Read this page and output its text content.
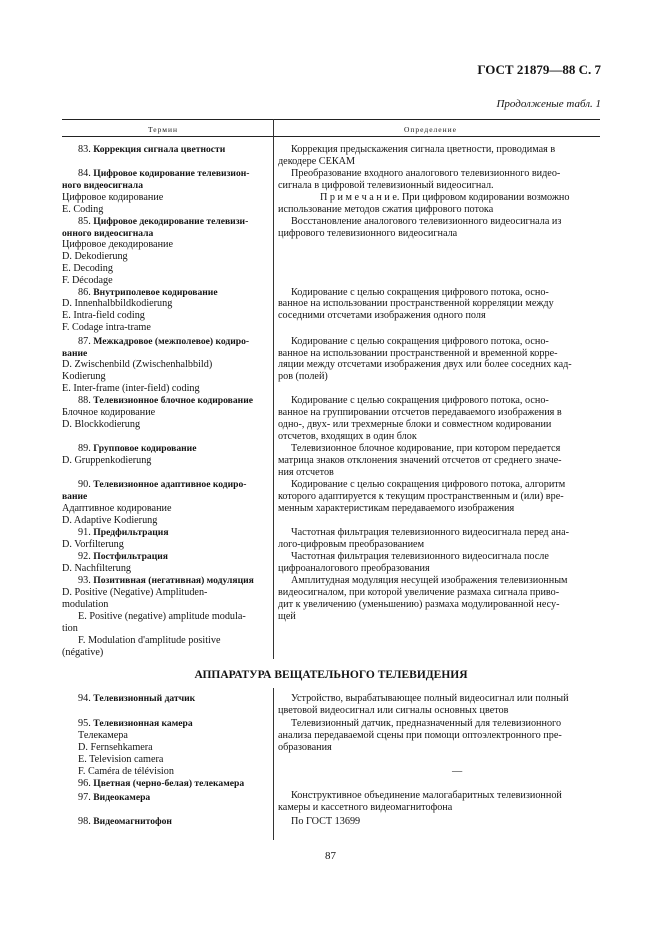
ГОСТ 21879—88 С. 7
Продолженые табл. 1
Термин	Определение
83. Коррекция сигнала цветности
84. Цифровое кодирование телевизион-
ного видеосигнала
Цифровое кодирование
E. Coding
85. Цифровое декодирование телевизи-
онного видеосигнала
Цифровое декодирование
D. Dekodierung
E. Decoding
F. Décodage
86. Внутриполевое кодирование
D. Innenhalbbildkodierung
E. Intra-field coding
F. Codage intra-trame
87. Межкадровое (межполевое) кодиро-
вание
D. Zwischenbild (Zwischenhalbbild)
Kodierung
E. Inter-frame (inter-field) coding
88. Телевизионное блочное кодирование
Блочное кодирование
D. Blockkodierung
89. Групповое кодирование
D. Gruppenkodierung
90. Телевизионное адаптивное кодиро-
вание
Адаптивное кодирование
D. Adaptive Kodierung
91. Предфильтрация
D. Vorfilterung
92. Постфильтрация
D. Nachfilterung
93. Позитивная (негативная) модуляция
D. Positive (Negative) Amplituden-
modulation
E. Positive (negative) amplitude modula-
tion
F. Modulation d'amplitude positive
(négative)
Коррекция предыскажения сигнала цветности, проводимая в
декодере СЕКАМ
Преобразование входного аналогового телевизионного видео-
сигнала в цифровой телевизионный видеосигнал.
П р и м е ч а н и е. При цифровом кодировании возможно
использование методов сжатия цифрового потока
Восстановление аналогового телевизионного видеосигнала из
цифрового телевизионного видеосигнала
Кодирование с целью сокращения цифрового потока, осно-
ванное на использовании пространственной корреляции между
соседними отсчетами изображения одного поля
Кодирование с целью сокращения цифрового потока, осно-
ванное на использовании пространственной и временной корре-
ляции между отсчетами изображения двух или более соседних кад-
ров (полей)
Кодирование с целью сокращения цифрового потока, осно-
ванное на группировании отсчетов передаваемого изображения в
одно-, двух- или трехмерные блоки и совместном кодировании
отсчетов, входящих в один блок
Телевизионное блочное кодирование, при котором передается
матрица знаков отклонения значений отсчетов от среднего значе-
ния отсчетов
Кодирование с целью сокращения цифрового потока, алгоритм
которого адаптируется к текущим пространственным и (или) вре-
менным характеристикам передаваемого изображения
Частотная фильтрация телевизионного видеосигнала перед ана-
лого-цифровым преобразованием
Частотная фильтрация телевизионного видеосигнала после
цифроаналогового преобразования
Амплитудная модуляция несущей изображения телевизионным
видеосигналом, при которой увеличение размаха сигнала приво-
дит к увеличению (уменьшению) размаха модулированной несу-
щей
АППАРАТУРА ВЕЩАТЕЛЬНОГО ТЕЛЕВИДЕНИЯ
94. Телевизионный датчик
95. Телевизионная камера
Телекамера
D. Fernsehkamera
E. Television camera
F. Caméra de télévision
96. Цветная (черно-белая) телекамера
97. Видеокамера
98. Видеомагнитофон
Устройство, вырабатывающее полный видеосигнал или полный
цветовой видеосигнал или сигналы основных цветов
Телевизионный датчик, предназначенный для телевизионного
анализа передаваемой сцены при помощи оптоэлектронного пре-
образования
—
Конструктивное объединение малогабаритных телевизионной
камеры и кассетного видеомагнитофона
По ГОСТ 13699
87
